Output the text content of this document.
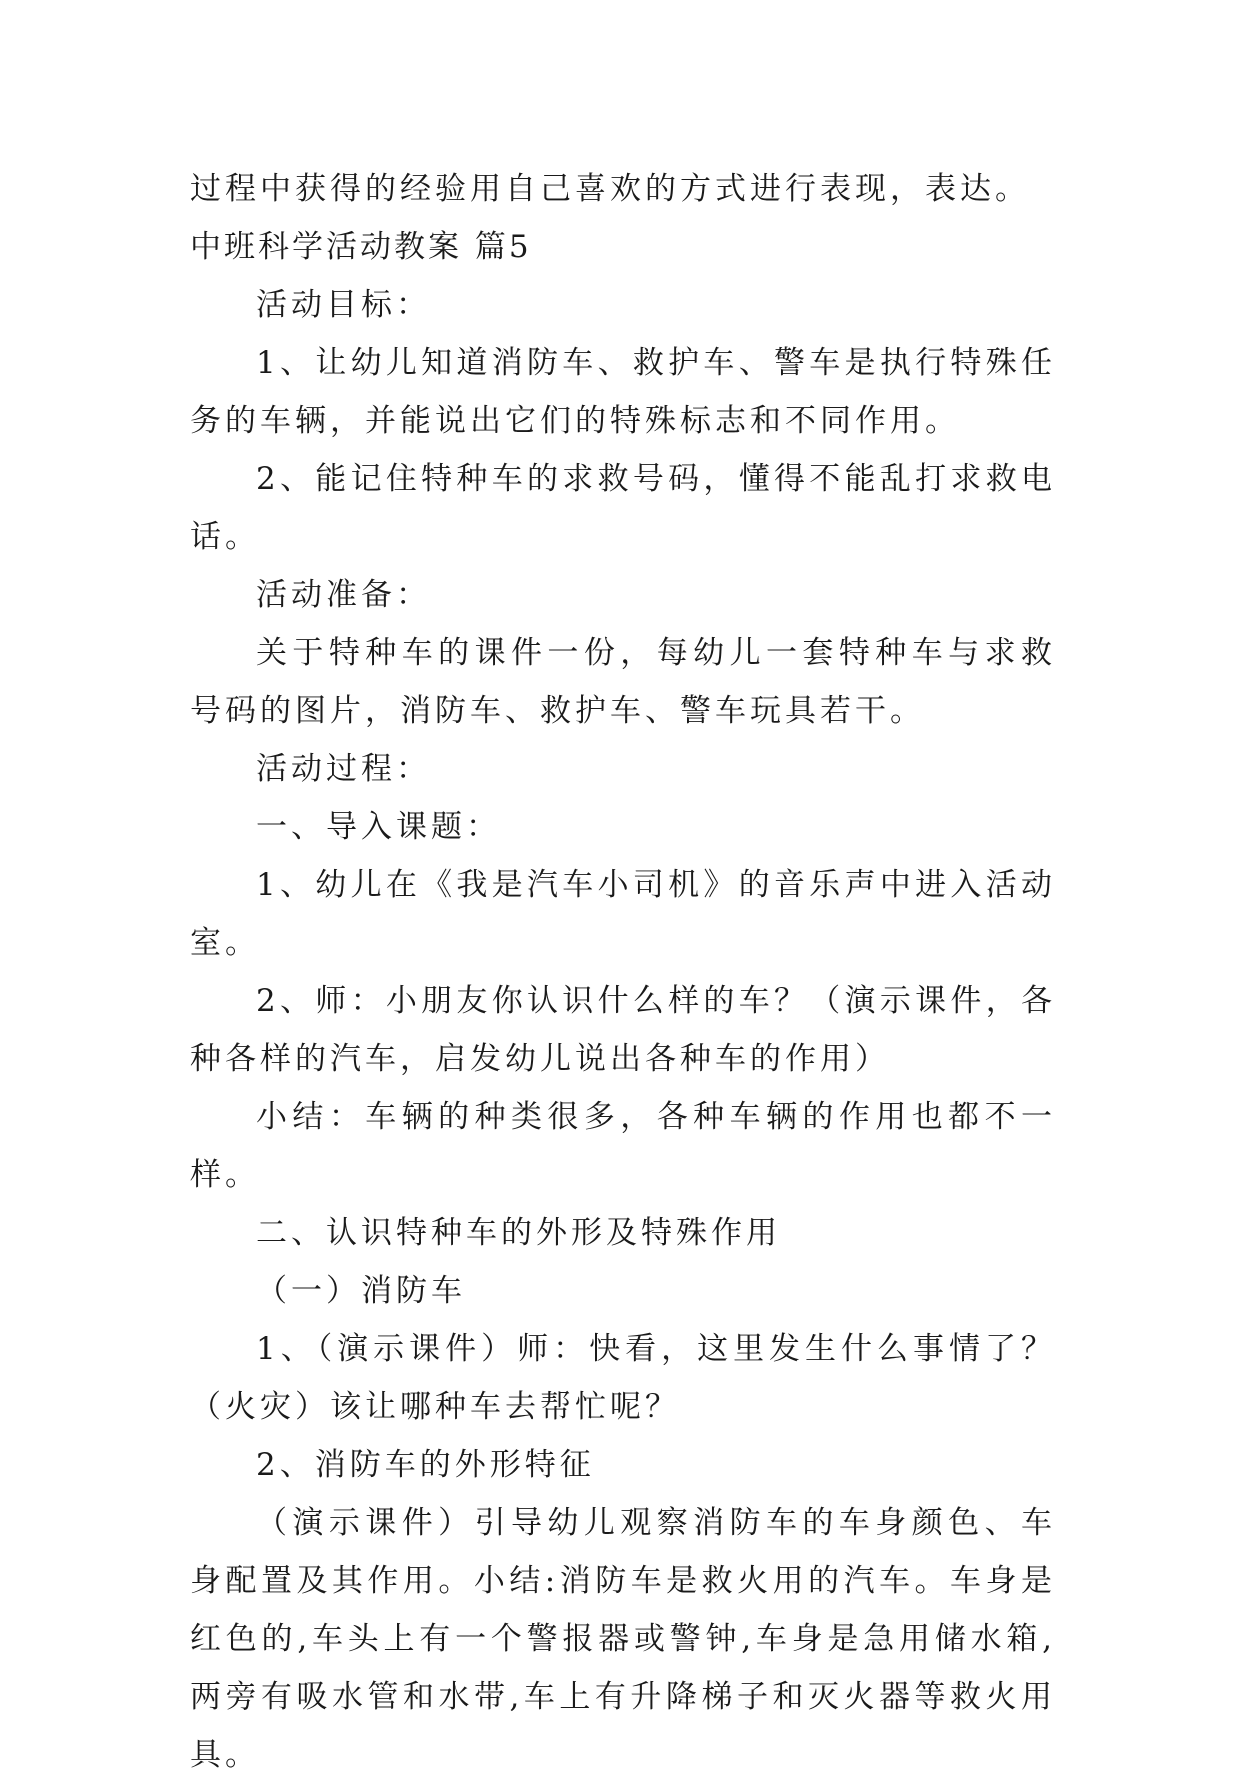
过程中获得的经验用自己喜欢的方式进行表现，表达。

中班科学活动教案 篇5

活动目标：

1、让幼儿知道消防车、救护车、警车是执行特殊任务的车辆，并能说出它们的特殊标志和不同作用。

2、能记住特种车的求救号码，懂得不能乱打求救电话。

活动准备：

关于特种车的课件一份，每幼儿一套特种车与求救号码的图片，消防车、救护车、警车玩具若干。

活动过程：

一、导入课题：

1、幼儿在《我是汽车小司机》的音乐声中进入活动室。

2、师：小朋友你认识什么样的车？（演示课件，各种各样的汽车，启发幼儿说出各种车的作用）

小结：车辆的种类很多，各种车辆的作用也都不一样。

二、认识特种车的外形及特殊作用

（一）消防车

1、（演示课件）师：快看，这里发生什么事情了？（火灾）该让哪种车去帮忙呢？

2、消防车的外形特征

（演示课件）引导幼儿观察消防车的车身颜色、车身配置及其作用。小结:消防车是救火用的汽车。车身是红色的,车头上有一个警报器或警钟,车身是急用储水箱,两旁有吸水管和水带,车上有升降梯子和灭火器等救火用具。
